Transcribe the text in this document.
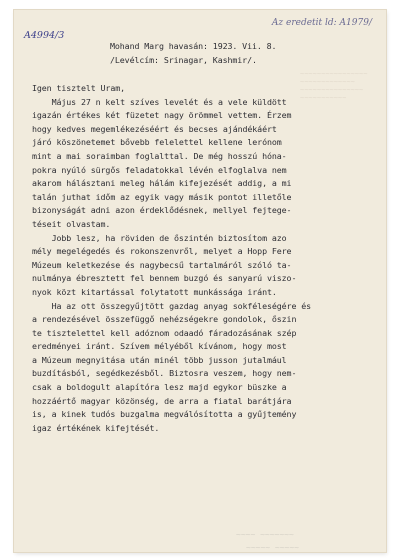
~~~~~~~~~~~~~~~~
~~~~~~~~~~~~~
~~~~~~~~~~~~~~~
~~~~~~~~~~~
A4994/3
Az eredetit ld: A1979/
Mohand Marg havasán: 1923. Vii. 8.
/Levélcím: Srinagar, Kashmir/.
Igen tisztelt Uram,
Május 27 n kelt szíves levelét és a vele küldött
igazán értékes két füzetet nagy örömmel vettem. Érzem
hogy kedves megemlékezéséért és becses ajándékáért
járó köszönetemet bővebb felelettel kellene lerónom
mint a mai soraimban foglalttal. De még hosszú hóna-
pokra nyúló sürgős feladatokkal lévén elfoglalva nem
akarom hálásztani meleg hálám kifejezését addig, a mi
talán juthat időm az egyik vagy másik pontot illetőle
bizonyságát adni azon érdeklődésnek, mellyel fejtege-
téseit olvastam.
Jobb lesz, ha röviden de őszintén biztosítom azo
mély megelégedés és rokonszenvről, melyet a Hopp Fere
Múzeum keletkezése és nagybecsű tartalmáról szóló ta-
nulmánya ébresztett fel bennem buzgó és sanyarú viszo-
nyok közt kitartással folytatott munkássága iránt.
Ha az ott összegyűjtött gazdag anyag sokféleségére és
a rendezésével összefüggő nehézségekre gondolok, őszin
te tisztelettel kell adóznom odaadó fáradozásának szép
eredményei iránt. Szívem mélyéből kívánom, hogy most
a Múzeum megnyitása után minél több jusson jutalmául
buzdításból, segédkezésből. Biztosra veszem, hogy nem-
csak a boldogult alapítóra lesz majd egykor büszke a
hozzáértő magyar közönség, de arra a fiatal barátjára
is, a kinek tudós buzgalma megválósította a gyűjtemény
igaz értékének kifejtését.
~~~~ ~~~~~~~
~~~~~ ~~~~~
